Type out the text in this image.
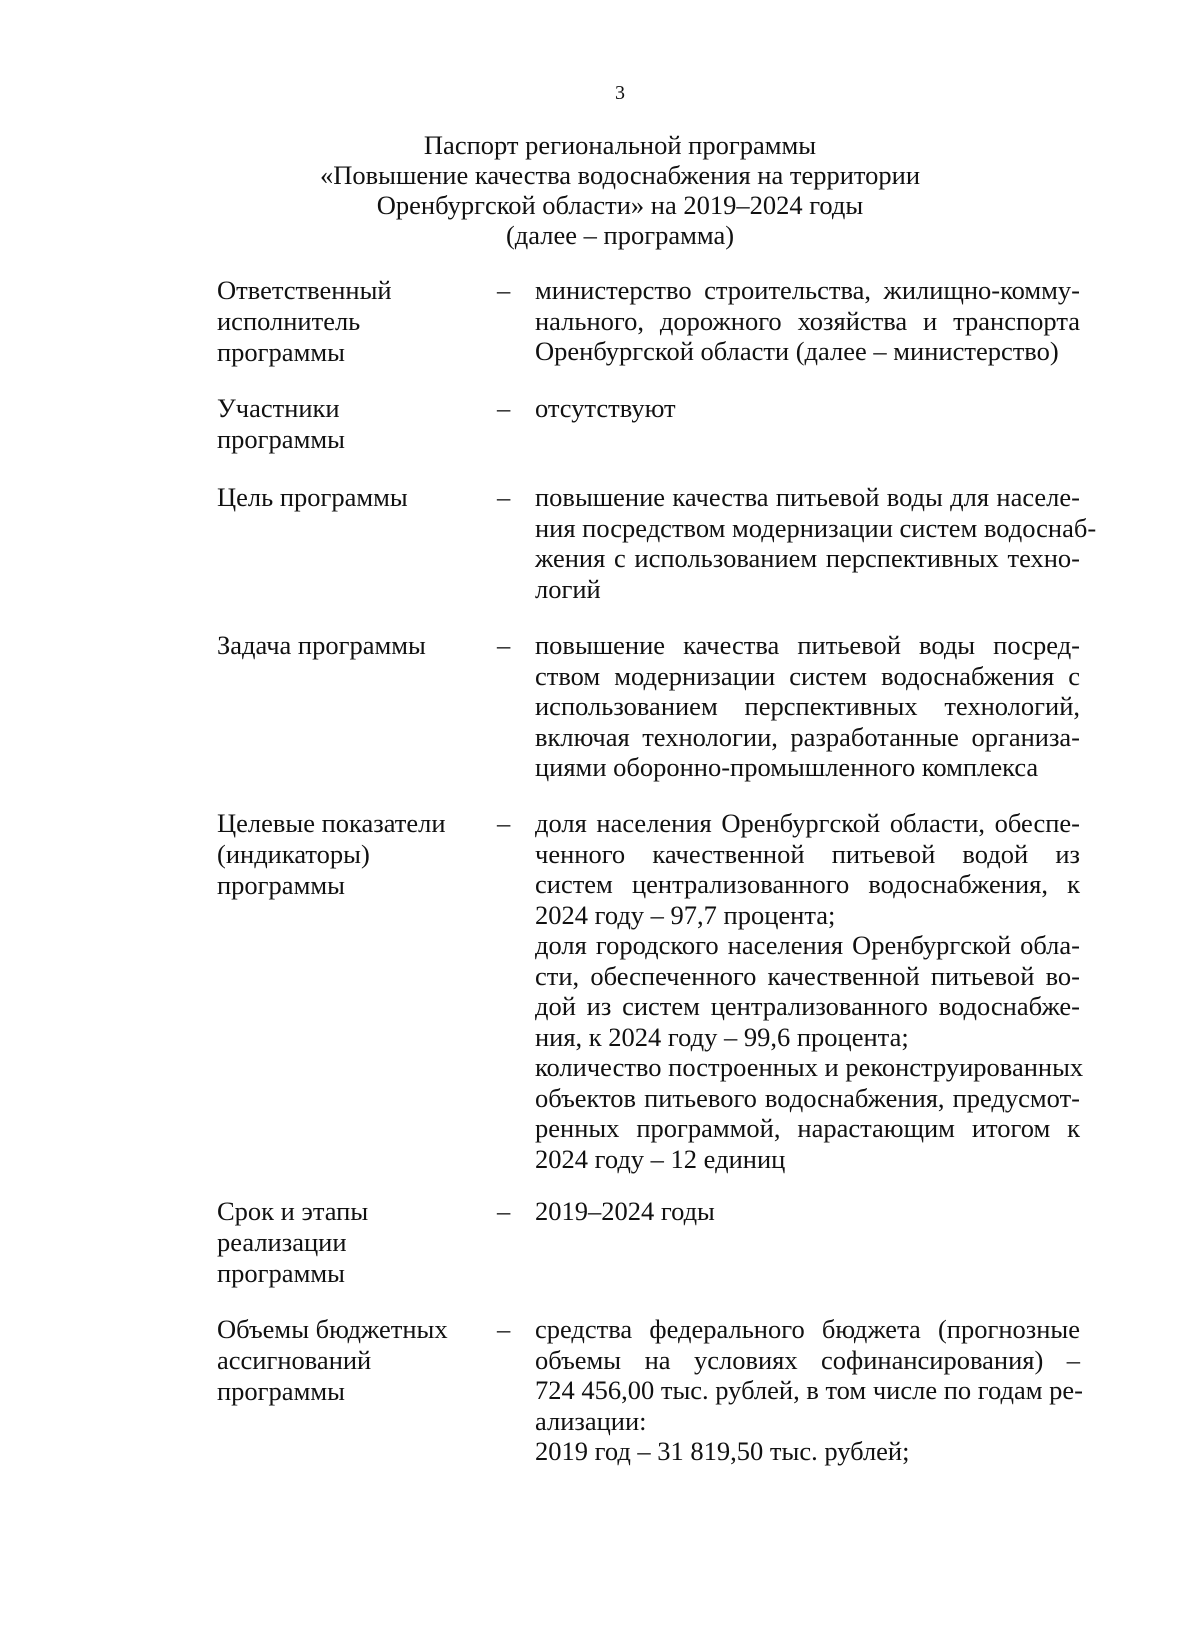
3
Паспорт региональной программы
«Повышение качества водоснабжения на территории
Оренбургской области» на 2019–2024 годы
(далее – программа)
Ответственный
исполнитель
программы
– министерство строительства, жилищно-комму-
нального, дорожного хозяйства и транспорта
Оренбургской области (далее – министерство)
Участники
программы
– отсутствуют
Цель программы	– повышение качества питьевой воды для населе-
ния посредством модернизации систем водоснаб-
жения с использованием перспективных техно-
логий
Задача программы	– повышение качества питьевой воды посред-
ством модернизации систем водоснабжения с
использованием перспективных технологий,
включая технологии, разработанные организа-
циями оборонно-промышленного комплекса
Целевые показатели
(индикаторы)
программы
– доля населения Оренбургской области, обеспе-
ченного качественной питьевой водой из
систем централизованного водоснабжения, к
2024 году – 97,7 процента;
доля городского населения Оренбургской обла-
сти, обеспеченного качественной питьевой во-
дой из систем централизованного водоснабже-
ния, к 2024 году – 99,6 процента;
количество построенных и реконструированных
объектов питьевого водоснабжения, предусмот-
ренных программой, нарастающим итогом к
2024 году – 12 единиц
Срок и этапы
реализации
программы
– 2019–2024 годы
Объемы бюджетных
ассигнований
программы
– средства федерального бюджета (прогнозные
объемы на условиях софинансирования) –
724 456,00 тыс. рублей, в том числе по годам ре-
ализации:
2019 год – 31 819,50 тыс. рублей;
